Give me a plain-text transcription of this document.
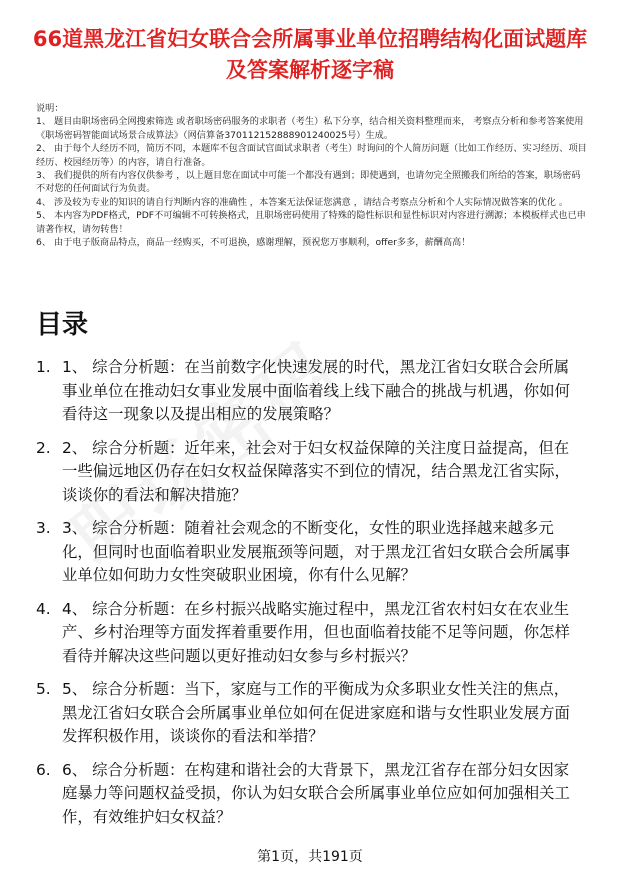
66道黑龙江省妇女联合会所属事业单位招聘结构化面试题库及答案解析逐字稿
说明：
1、 题目由职场密码全网搜索筛选 或者职场密码服务的求职者（考生）私下分享，结合相关资料整理而来， 考察点分析和参考答案使用《职场密码智能面试场景合成算法》（网信算备370112152888901240025号）生成。
2、 由于每个人经历不同，简历不同，本题库不包含面试官面试求职者（考生）时询问的个人简历问题（比如工作经历、实习经历、项目经历、校园经历等）的内容，请自行准备。
3、 我们提供的所有内容仅供参考 ，以上题目您在面试中可能一个都没有遇到；即使遇到，也请勿完全照搬我们所给的答案，职场密码不对您的任何面试行为负责。
4、 涉及较为专业的知识的请自行判断内容的准确性 ，本答案无法保证您满意 ，请结合考察点分析和个人实际情况做答案的优化 。
5、 本内容为PDF格式，PDF不可编辑不可转换格式，且职场密码使用了特殊的隐性标识和显性标识对内容进行溯源；本模板样式也已申请著作权，请勿转售！
6、 由于电子版商品特点，商品一经购买，不可退换，感谢理解，预祝您万事顺利，offer多多，薪酬高高！
目录
1. 1、 综合分析题：在当前数字化快速发展的时代，黑龙江省妇女联合会所属事业单位在推动妇女事业发展中面临着线上线下融合的挑战与机遇，你如何看待这一现象以及提出相应的发展策略？
2. 2、 综合分析题：近年来，社会对于妇女权益保障的关注度日益提高，但在一些偏远地区仍存在妇女权益保障落实不到位的情况，结合黑龙江省实际，谈谈你的看法和解决措施？
3. 3、 综合分析题：随着社会观念的不断变化，女性的职业选择越来越多元化，但同时也面临着职业发展瓶颈等问题，对于黑龙江省妇女联合会所属事业单位如何助力女性突破职业困境，你有什么见解？
4. 4、 综合分析题：在乡村振兴战略实施过程中，黑龙江省农村妇女在农业生产、乡村治理等方面发挥着重要作用，但也面临着技能不足等问题，你怎样看待并解决这些问题以更好推动妇女参与乡村振兴？
5. 5、 综合分析题：当下，家庭与工作的平衡成为众多职业女性关注的焦点，黑龙江省妇女联合会所属事业单位如何在促进家庭和谐与女性职业发展方面发挥积极作用，谈谈你的看法和举措？
6. 6、 综合分析题：在构建和谐社会的大背景下，黑龙江省存在部分妇女因家庭暴力等问题权益受损，你认为妇女联合会所属事业单位应如何加强相关工作，有效维护妇女权益？
第1页，共191页
